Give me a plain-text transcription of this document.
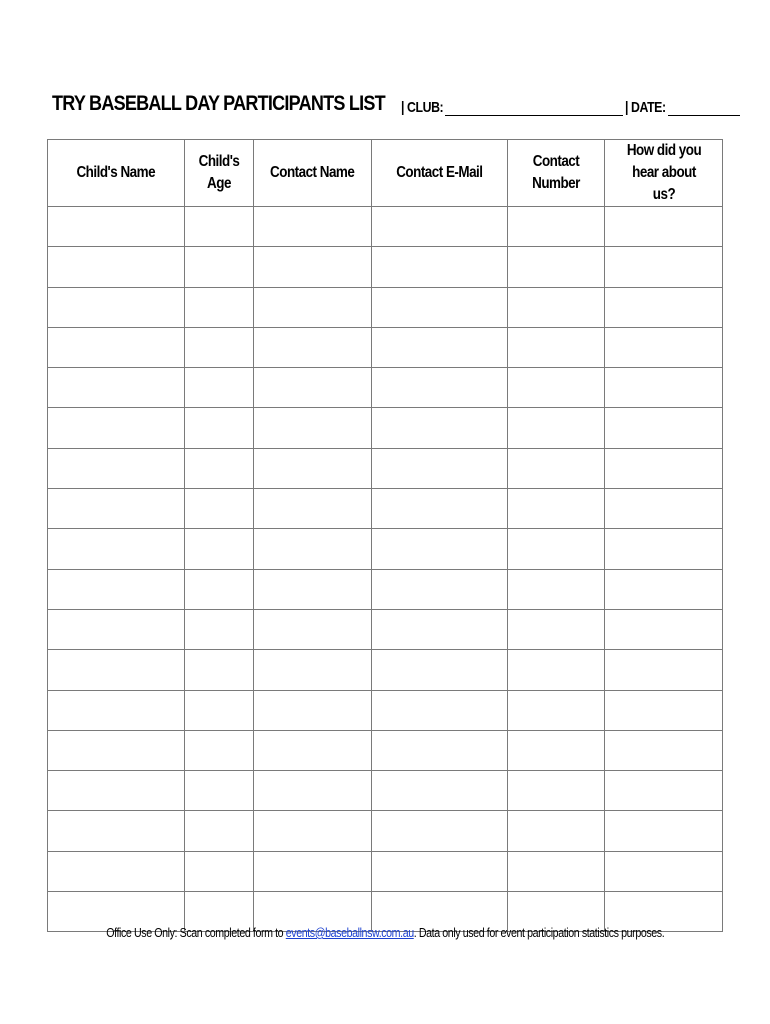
TRY BASEBALL DAY PARTICIPANTS LIST | CLUB:	| DATE:
Child's Name	Child's Age	Contact Name	Contact E-Mail	Contact Number	How did you hear about us?

Office Use Only: Scan completed form to events@baseballnsw.com.au. Data only used for event participation statistics purposes.
